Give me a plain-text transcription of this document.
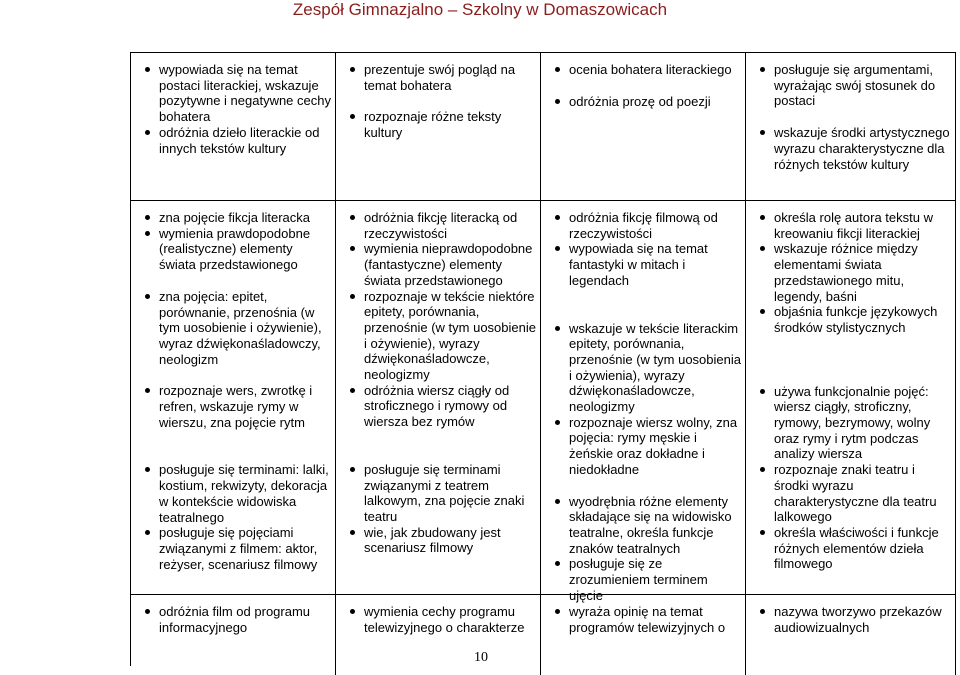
Zespół Gimnazjalno – Szkolny w Domaszowicach
wypowiada się na temat postaci literackiej, wskazuje pozytywne i negatywne cechy bohatera
odróżnia dzieło literackie od innych tekstów kultury
prezentuje swój pogląd na temat bohatera
rozpoznaje różne teksty kultury
ocenia bohatera literackiego
odróżnia prozę od poezji
posługuje się argumentami, wyrażając swój stosunek do postaci
wskazuje środki artystycznego wyrazu charakterystyczne dla różnych tekstów kultury
zna pojęcie fikcja literacka
wymienia prawdopodobne (realistyczne) elementy świata przedstawionego
zna pojęcia: epitet, porównanie, przenośnia (w tym uosobienie i ożywienie), wyraz dźwiękonaśladowczy, neologizm
rozpoznaje wers, zwrotkę i refren, wskazuje rymy w wierszu, zna pojęcie rytm
posługuje się terminami: lalki, kostium, rekwizyty, dekoracja w kontekście widowiska teatralnego
posługuje się pojęciami związanymi z filmem: aktor, reżyser, scenariusz filmowy
odróżnia fikcję literacką od rzeczywistości
wymienia nieprawdopodobne (fantastyczne) elementy świata przedstawionego
rozpoznaje w tekście niektóre epitety, porównania, przenośnie (w tym uosobienie i ożywienie), wyrazy dźwiękonaśladowcze, neologizmy
odróżnia wiersz ciągły od stroficznego i rymowy od wiersza bez rymów
posługuje się terminami związanymi z teatrem lalkowym, zna pojęcie znaki teatru
wie, jak zbudowany jest scenariusz filmowy
odróżnia fikcję filmową od rzeczywistości
wypowiada się na temat fantastyki w mitach i legendach
wskazuje w tekście literackim epitety, porównania, przenośnie (w tym uosobienia i ożywienia), wyrazy dźwiękonaśladowcze, neologizmy
rozpoznaje wiersz wolny, zna pojęcia: rymy męskie i żeńskie oraz dokładne i niedokładne
wyodrębnia różne elementy składające się na widowisko teatralne, określa funkcje znaków teatralnych
posługuje się ze zrozumieniem terminem ujęcie
określa rolę autora tekstu w kreowaniu fikcji literackiej
wskazuje różnice między elementami świata przedstawionego mitu, legendy, baśni
objaśnia funkcje językowych środków stylistycznych
używa funkcjonalnie pojęć: wiersz ciągły, stroficzny, rymowy, bezrymowy, wolny oraz rymy i rytm podczas analizy wiersza
rozpoznaje znaki teatru i środki wyrazu charakterystyczne dla teatru lalkowego
określa właściwości i funkcje różnych elementów dzieła filmowego
odróżnia film od programu informacyjnego
wymienia cechy programu telewizyjnego o charakterze
wyraża opinię na temat programów telewizyjnych o
nazywa tworzywo przekazów audiowizualnych
10
